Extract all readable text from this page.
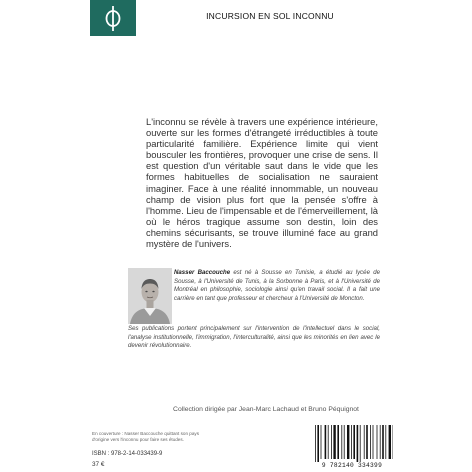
INCURSION EN SOL INCONNU

L'inconnu se révèle à travers une expérience intérieure, ouverte sur les formes d'étrangeté irréductibles à toute particularité familière. Expérience limite qui vient bousculer les frontières, provoquer une crise de sens. Il est question d'un véritable saut dans le vide que les formes habituelles de socialisation ne sauraient imaginer. Face à une réalité innommable, un nouveau champ de vision plus fort que la pensée s'offre à l'homme. Lieu de l'impensable et de l'émerveillement, là où le héros tragique assume son destin, loin des chemins sécurisants, se trouve illuminé face au grand mystère de l'univers.

Nasser Baccouche est né à Sousse en Tunisie, a étudié au lycée de Sousse, à l'Université de Tunis, à la Sorbonne à Paris, et à l'Université de Montréal en philosophie, sociologie ainsi qu'en travail social. Il a fait une carrière en tant que professeur et chercheur à l'Université de Moncton.
Ses publications portent principalement sur l'intervention de l'intellectuel dans le social, l'analyse institutionnelle, l'immigration, l'interculturalité, ainsi que les minorités en lien avec le devenir révolutionnaire.
Collection dirigée par Jean-Marc Lachaud et Bruno Péquignot
En couverture : Nasser Baccouche quittant son pays d'origine vers l'inconnu pour faire ses études.
ISBN : 978-2-14-033439-9
37 €	9 782140 334399
